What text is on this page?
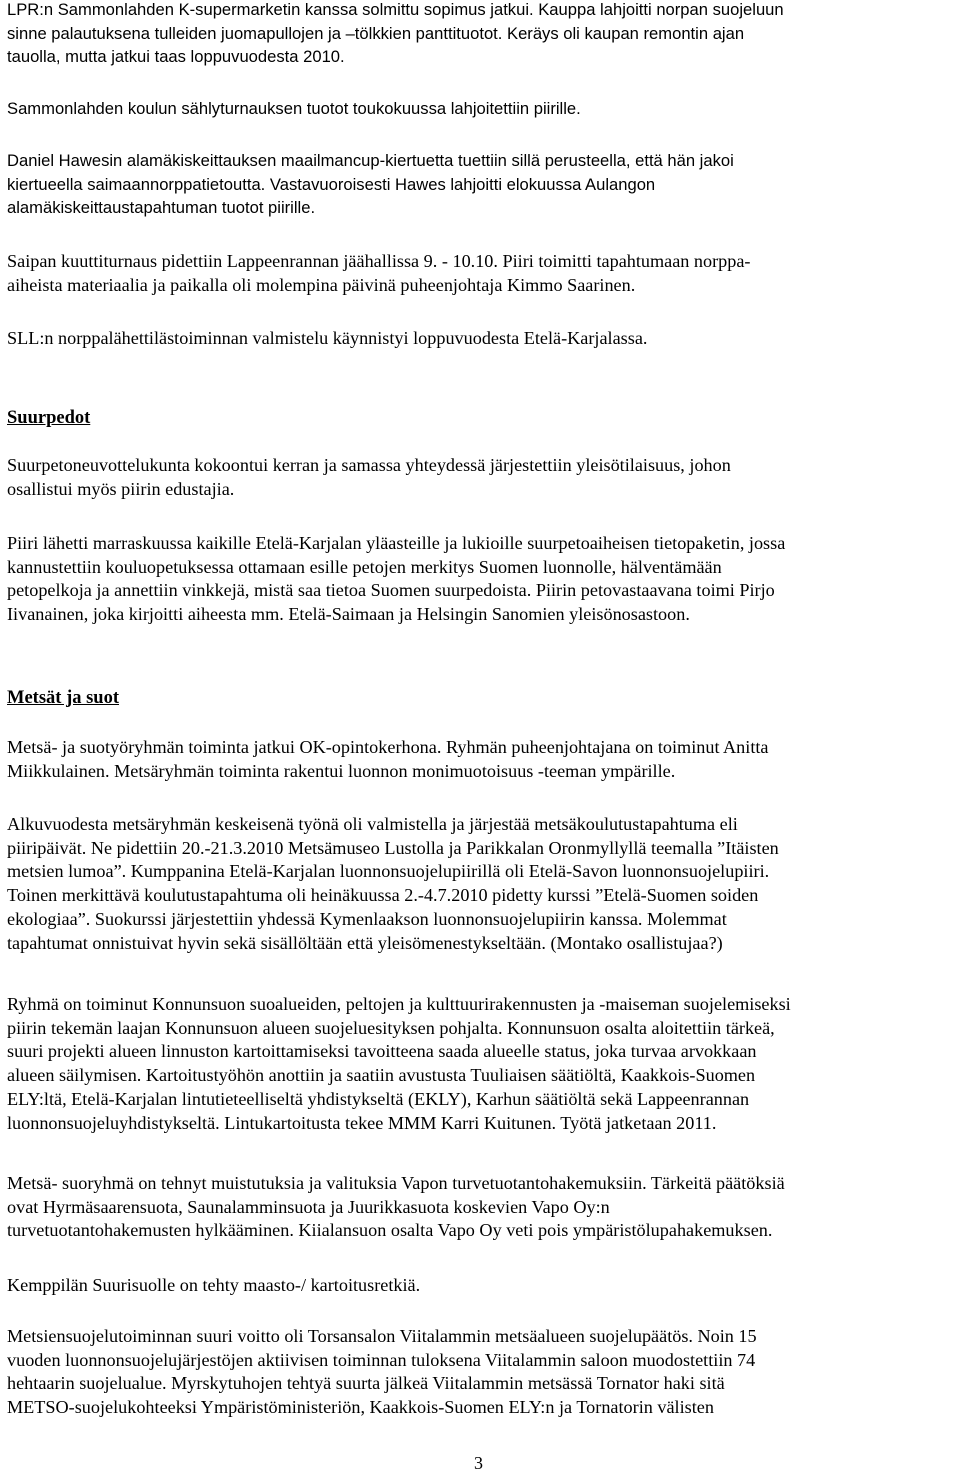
LPR:n Sammonlahden K-supermarketin kanssa solmittu sopimus jatkui. Kauppa lahjoitti norpan suojeluun
sinne palautuksena tulleiden juomapullojen ja –tölkkien panttituotot. Keräys oli kaupan remontin ajan
tauolla, mutta jatkui taas loppuvuodesta 2010.
Sammonlahden koulun sählyturnauksen tuotot toukokuussa lahjoitettiin piirille.
Daniel Hawesin alamäkiskeittauksen maailmancup-kiertuetta tuettiin sillä perusteella, että hän jakoi
kiertueella saimaannorppatietoutta. Vastavuoroisesti Hawes lahjoitti elokuussa Aulangon
alamäkiskeittaustapahtuman tuotot piirille.
Saipan kuuttiturnaus pidettiin Lappeenrannan jäähallissa 9. - 10.10. Piiri toimitti tapahtumaan norppa-
aiheista materiaalia ja paikalla oli molempina päivinä puheenjohtaja Kimmo Saarinen.
SLL:n norppalähettilästoiminnan valmistelu käynnistyi loppuvuodesta Etelä-Karjalassa.
Suurpedot
Suurpetoneuvottelukunta kokoontui kerran ja samassa yhteydessä järjestettiin yleisötilaisuus, johon
osallistui myös piirin edustajia.
Piiri lähetti marraskuussa kaikille Etelä-Karjalan yläasteille ja lukioille suurpetoaiheisen tietopaketin, jossa
kannustettiin kouluopetuksessa ottamaan esille petojen merkitys Suomen luonnolle, hälventämään
petopelkoja ja annettiin vinkkejä, mistä saa tietoa Suomen suurpedoista. Piirin petovastaavana toimi Pirjo
Iivanainen, joka kirjoitti aiheesta mm. Etelä-Saimaan ja Helsingin Sanomien yleisönosastoon.
Metsät ja suot
Metsä- ja suotyöryhmän toiminta jatkui OK-opintokerhona. Ryhmän puheenjohtajana on toiminut Anitta
Miikkulainen. Metsäryhmän toiminta rakentui luonnon monimuotoisuus -teeman ympärille.
Alkuvuodesta metsäryhmän keskeisenä työnä oli valmistella ja järjestää metsäkoulutustapahtuma eli
piiripäivät. Ne pidettiin 20.-21.3.2010 Metsämuseo Lustolla ja Parikkalan Oronmyllyllä teemalla ”Itäisten
metsien lumoa”. Kumppanina Etelä-Karjalan luonnonsuojelupiirillä oli Etelä-Savon luonnonsuojelupiiri.
Toinen merkittävä koulutustapahtuma oli heinäkuussa 2.-4.7.2010 pidetty kurssi ”Etelä-Suomen soiden
ekologiaa”. Suokurssi järjestettiin yhdessä Kymenlaakson luonnonsuojelupiirin kanssa. Molemmat
tapahtumat onnistuivat hyvin sekä sisällöltään että yleisömenestykseltään. (Montako osallistujaa?)
Ryhmä on toiminut Konnunsuon suoalueiden, peltojen ja kulttuurirakennusten ja -maiseman suojelemiseksi
piirin tekemän laajan Konnunsuon alueen suojeluesityksen pohjalta. Konnunsuon osalta aloitettiin tärkeä,
suuri projekti alueen linnuston kartoittamiseksi tavoitteena saada alueelle status, joka turvaa arvokkaan
alueen säilymisen. Kartoitustyöhön anottiin ja saatiin avustusta Tuuliaisen säätiöltä, Kaakkois-Suomen
ELY:ltä, Etelä-Karjalan lintutieteelliseltä yhdistykseltä (EKLY), Karhun säätiöltä sekä Lappeenrannan
luonnonsuojeluyhdistykseltä. Lintukartoitusta tekee MMM Karri Kuitunen. Työtä jatketaan 2011.
Metsä- suoryhmä on tehnyt muistutuksia ja valituksia Vapon turvetuotantohakemuksiin. Tärkeitä päätöksiä
ovat Hyrmäsaarensuota, Saunalamminsuota ja Juurikkasuota koskevien Vapo Oy:n
turvetuotantohakemusten hylkääminen. Kiialansuon osalta Vapo Oy veti pois ympäristölupahakemuksen.
Kemppilän Suurisuolle on tehty maasto-/ kartoitusretkiä.
Metsiensuojelutoiminnan suuri voitto oli Torsansalon Viitalammin metsäalueen suojelupäätös. Noin 15
vuoden luonnonsuojelujärjestöjen aktiivisen toiminnan tuloksena Viitalammin saloon muodostettiin 74
hehtaarin suojelualue. Myrskytuhojen tehtyä suurta jälkeä Viitalammin metsässä Tornator haki sitä
METSO-suojelukohteeksi Ympäristöministeriön, Kaakkois-Suomen ELY:n ja Tornatorin välisten
3
